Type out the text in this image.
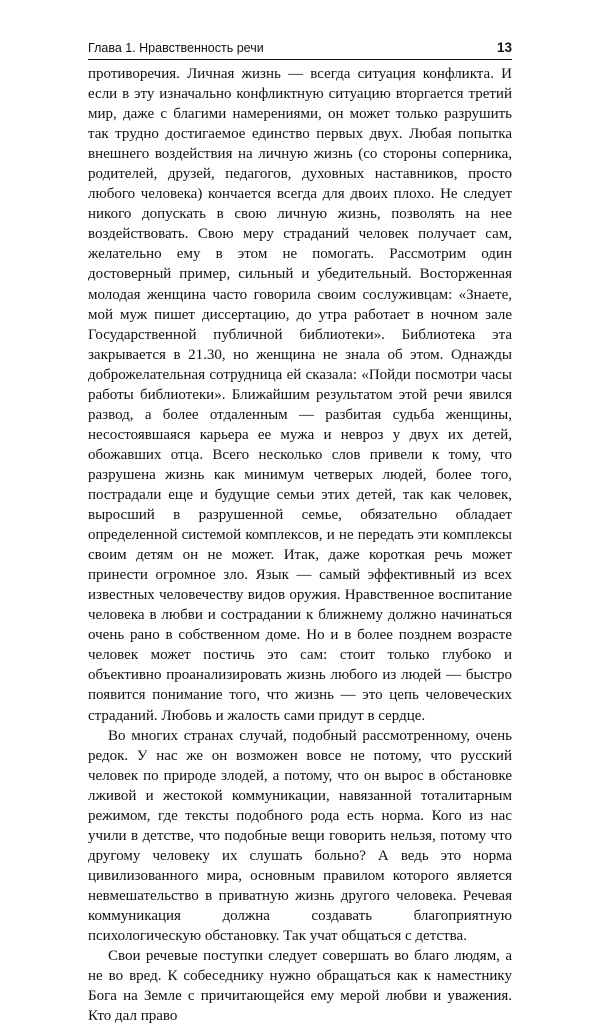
Глава 1. Нравственность речи	13

противоречия. Личная жизнь — всегда ситуация конфликта. И если в эту изначально конфликтную ситуацию вторгается третий мир, даже с благими намерениями, он может только разрушить так трудно достигаемое единство первых двух. Любая попытка внешнего воздействия на личную жизнь (со стороны соперника, родителей, друзей, педагогов, духовных наставников, просто любого человека) кончается всегда для двоих плохо. Не следует никого допускать в свою личную жизнь, позволять на нее воздействовать. Свою меру страданий человек получает сам, желательно ему в этом не помогать. Рассмотрим один достоверный пример, сильный и убедительный. Восторженная молодая женщина часто говорила своим сослуживцам: «Знаете, мой муж пишет диссертацию, до утра работает в ночном зале Государственной публичной библиотеки». Библиотека эта закрывается в 21.30, но женщина не знала об этом. Однажды доброжелательная сотрудница ей сказала: «Пойди посмотри часы работы библиотеки». Ближайшим результатом этой речи явился развод, а более отдаленным — разбитая судьба женщины, несостоявшаяся карьера ее мужа и невроз у двух их детей, обожавших отца. Всего несколько слов привели к тому, что разрушена жизнь как минимум четверых людей, более того, пострадали еще и будущие семьи этих детей, так как человек, выросший в разрушенной семье, обязательно обладает определенной системой комплексов, и не передать эти комплексы своим детям он не может. Итак, даже короткая речь может принести огромное зло. Язык — самый эффективный из всех известных человечеству видов оружия. Нравственное воспитание человека в любви и сострадании к ближнему должно начинаться очень рано в собственном доме. Но и в более позднем возрасте человек может постичь это сам: стоит только глубоко и объективно проанализировать жизнь любого из людей — быстро появится понимание того, что жизнь — это цепь человеческих страданий. Любовь и жалость сами придут в сердце.

Во многих странах случай, подобный рассмотренному, очень редок. У нас же он возможен вовсе не потому, что русский человек по природе злодей, а потому, что он вырос в обстановке лживой и жестокой коммуникации, навязанной тоталитарным режимом, где тексты подобного рода есть норма. Кого из нас учили в детстве, что подобные вещи говорить нельзя, потому что другому человеку их слушать больно? А ведь это норма цивилизованного мира, основным правилом которого является невмешательство в приватную жизнь другого человека. Речевая коммуникация должна создавать благоприятную психологическую обстановку. Так учат общаться с детства.

Свои речевые поступки следует совершать во благо людям, а не во вред. К собеседнику нужно обращаться как к наместнику Бога на Земле с причитающейся ему мерой любви и уважения. Кто дал право
